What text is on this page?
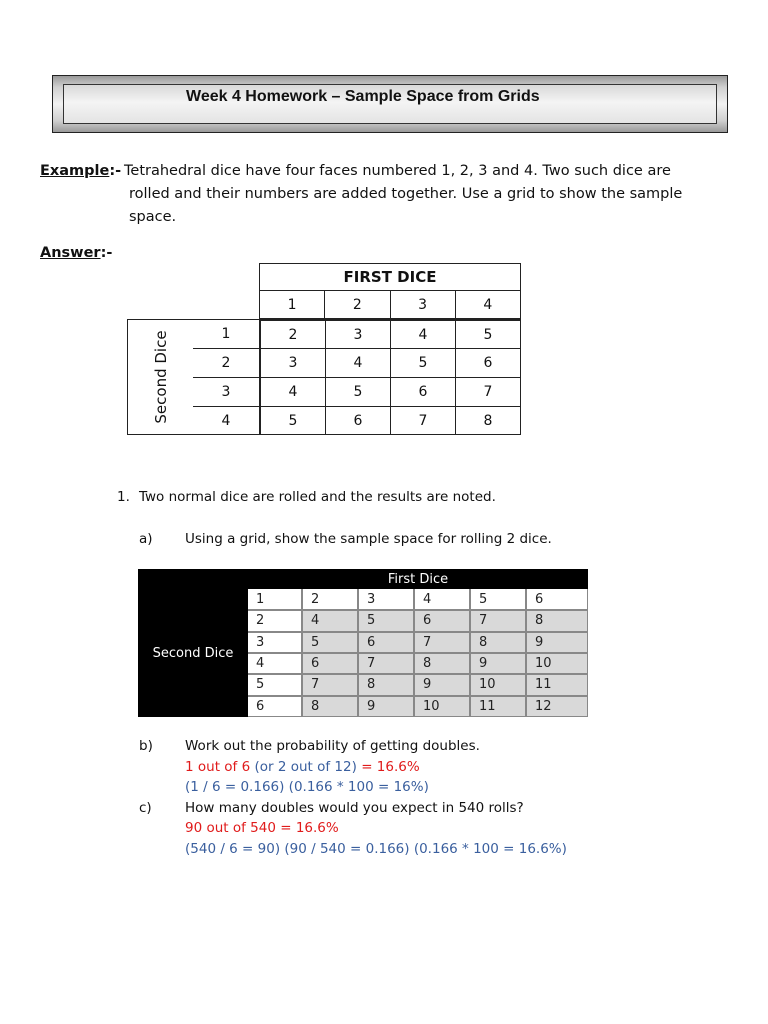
Week 4 Homework – Sample Space from Grids
Example:- Tetrahedral dice have four faces numbered 1, 2, 3 and 4. Two such dice are
rolled and their numbers are added together. Use a grid to show the sample
space.
Answer:-
FIRST DICE
1	2	3	4
Second Dice	1	2	3	4	5
2	3	4	5	6
3	4	5	6	7
4	5	6	7	8
1. Two normal dice are rolled and the results are noted.
a) Using a grid, show the sample space for rolling 2 dice.
First Dice
Second Dice
1	2	3	4	5	6
2	4	5	6	7	8
3	5	6	7	8	9
4	6	7	8	9	10
5	7	8	9	10	11
6	8	9	10	11	12
b) Work out the probability of getting doubles.
1 out of 6 (or 2 out of 12) = 16.6%
(1 / 6 = 0.166) (0.166 * 100 = 16%)
c) How many doubles would you expect in 540 rolls?
90 out of 540 = 16.6%
(540 / 6 = 90) (90 / 540 = 0.166) (0.166 * 100 = 16.6%)
